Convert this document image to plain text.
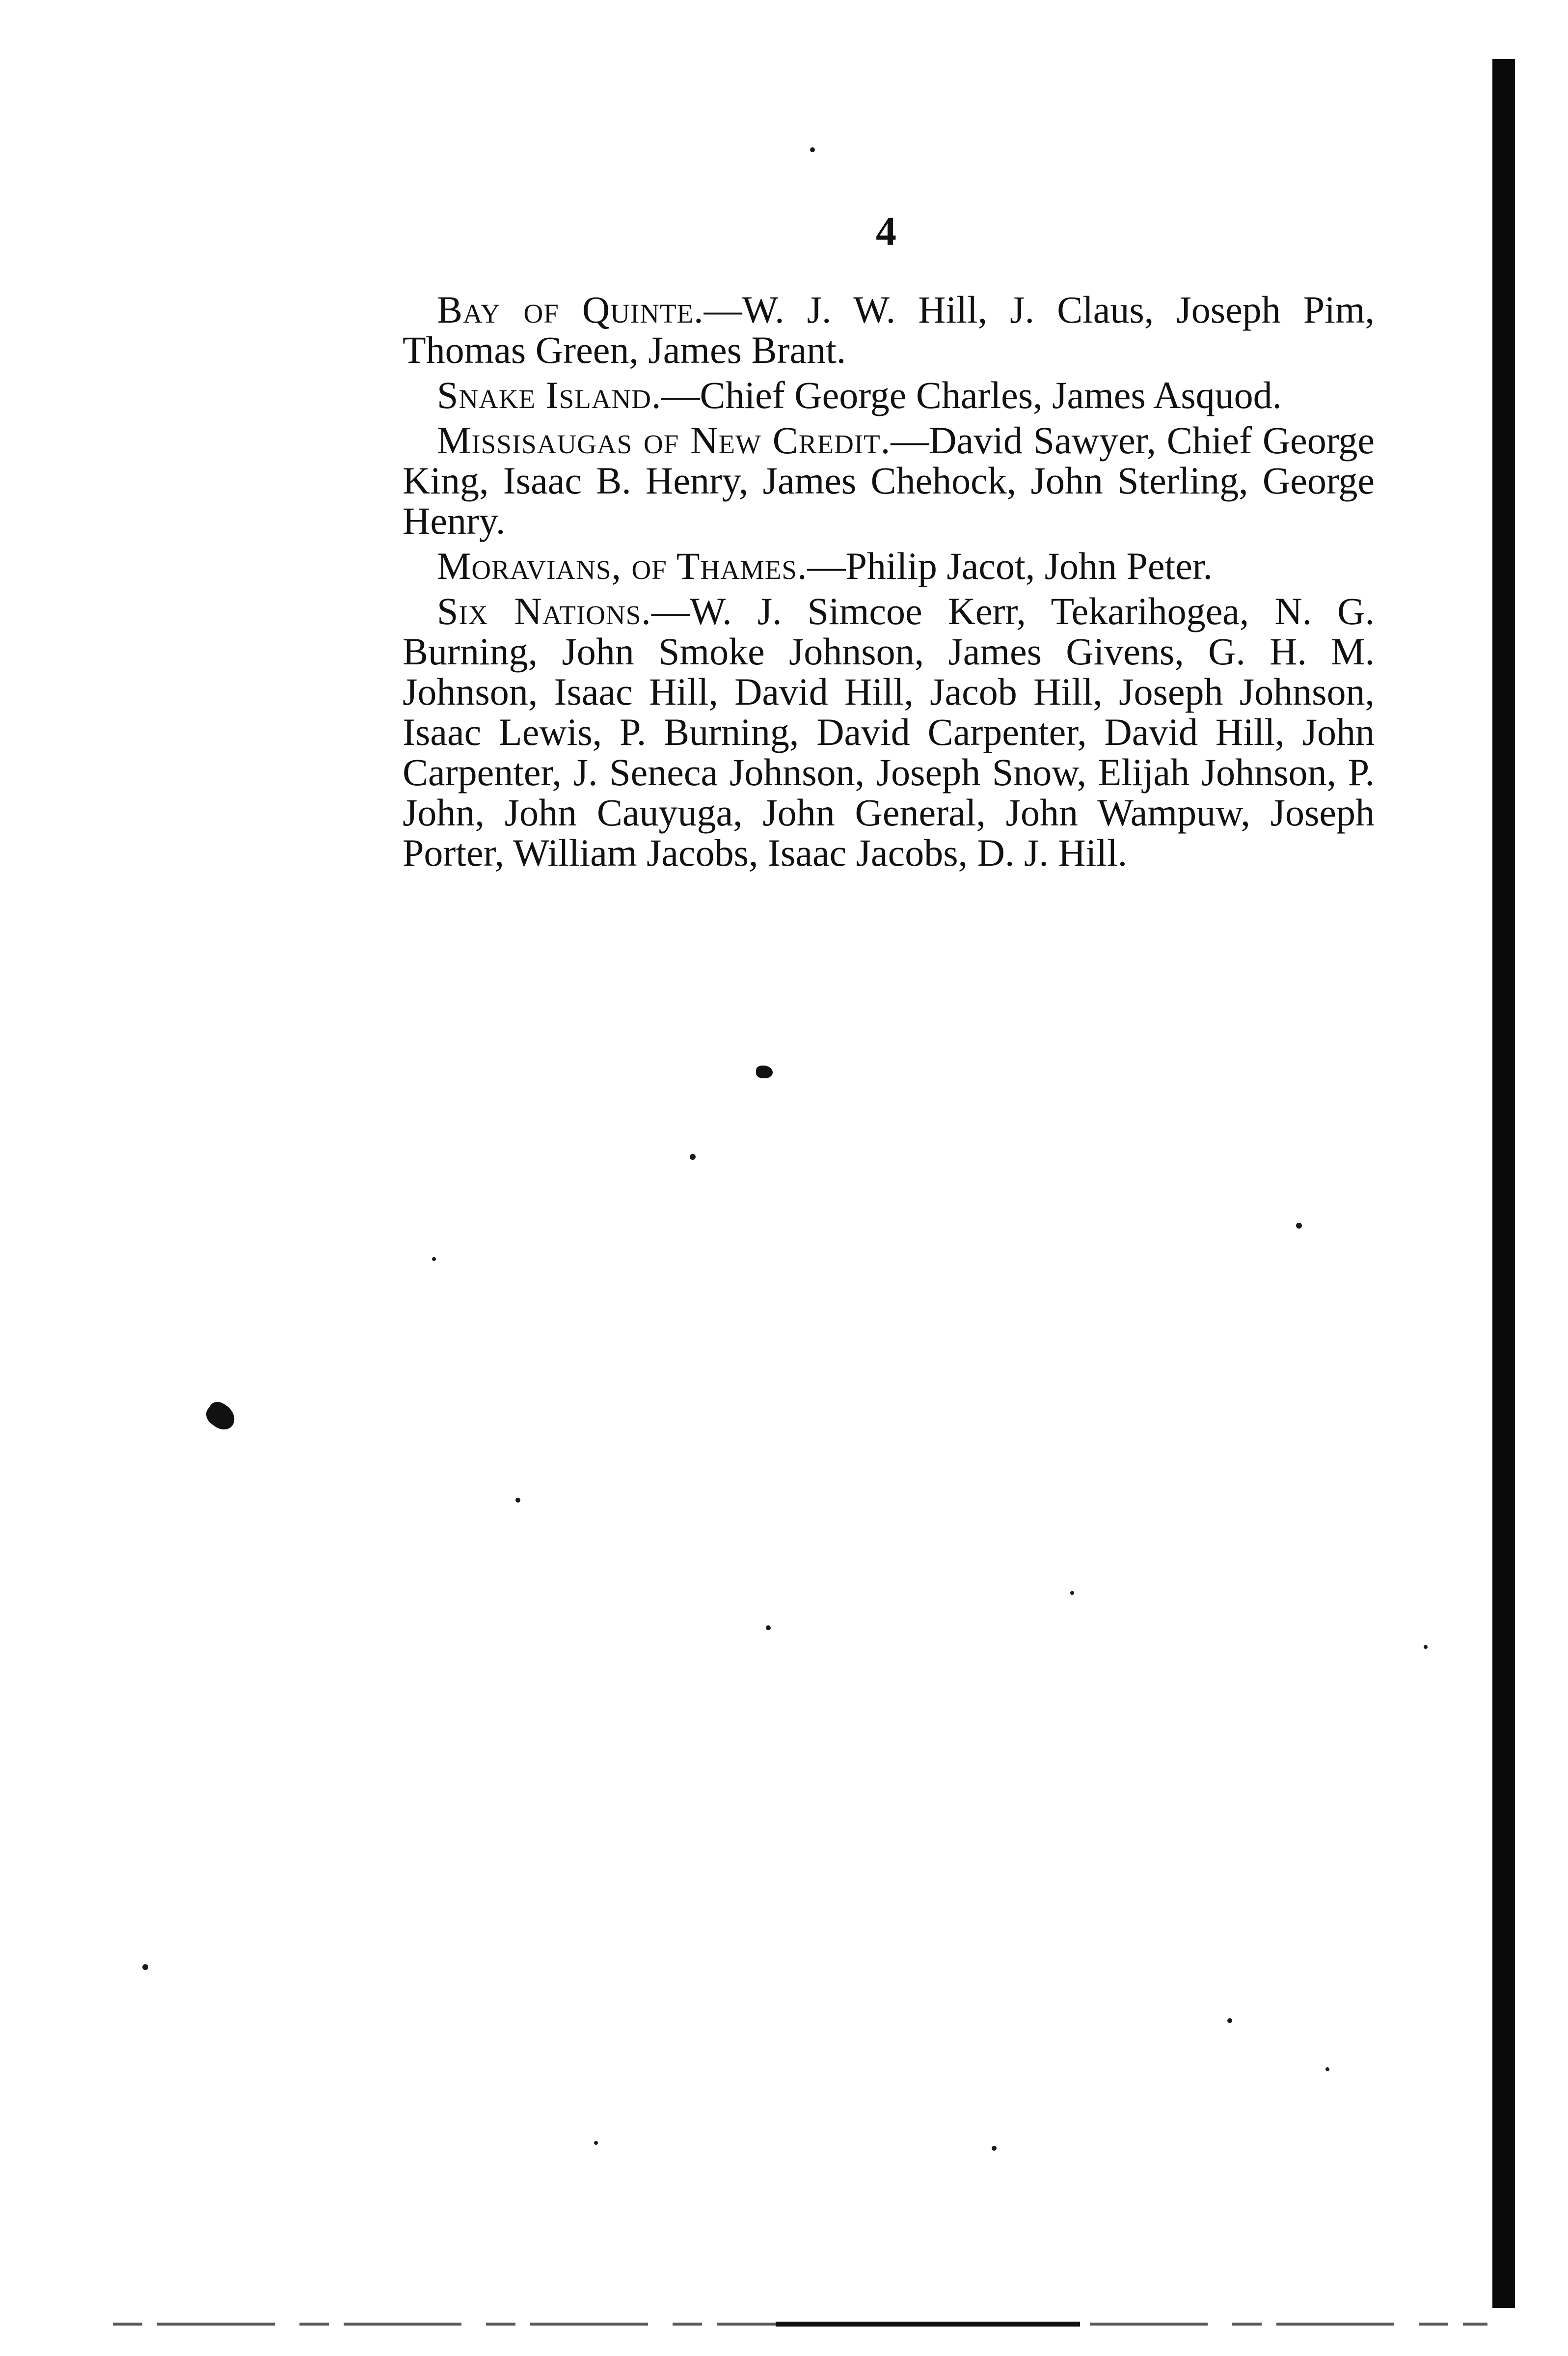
4

Bay of Quinte.—W. J. W. Hill, J. Claus, Joseph Pim, Thomas Green, James Brant.

Snake Island.—Chief George Charles, James Asquod.

Missisaugas of New Credit.—David Sawyer, Chief George King, Isaac B. Henry, James Chehock, John Sterling, George Henry.

Moravians, of Thames.—Philip Jacot, John Peter.

Six Nations.—W. J. Simcoe Kerr, Tekarihogea, N. G. Burning, John Smoke Johnson, James Givens, G. H. M. Johnson, Isaac Hill, David Hill, Jacob Hill, Joseph Johnson, Isaac Lewis, P. Burning, David Carpenter, David Hill, John Carpenter, J. Seneca Johnson, Joseph Snow, Elijah Johnson, P. John, John Cauyuga, John General, John Wampuw, Joseph Porter, William Jacobs, Isaac Jacobs, D. J. Hill.
